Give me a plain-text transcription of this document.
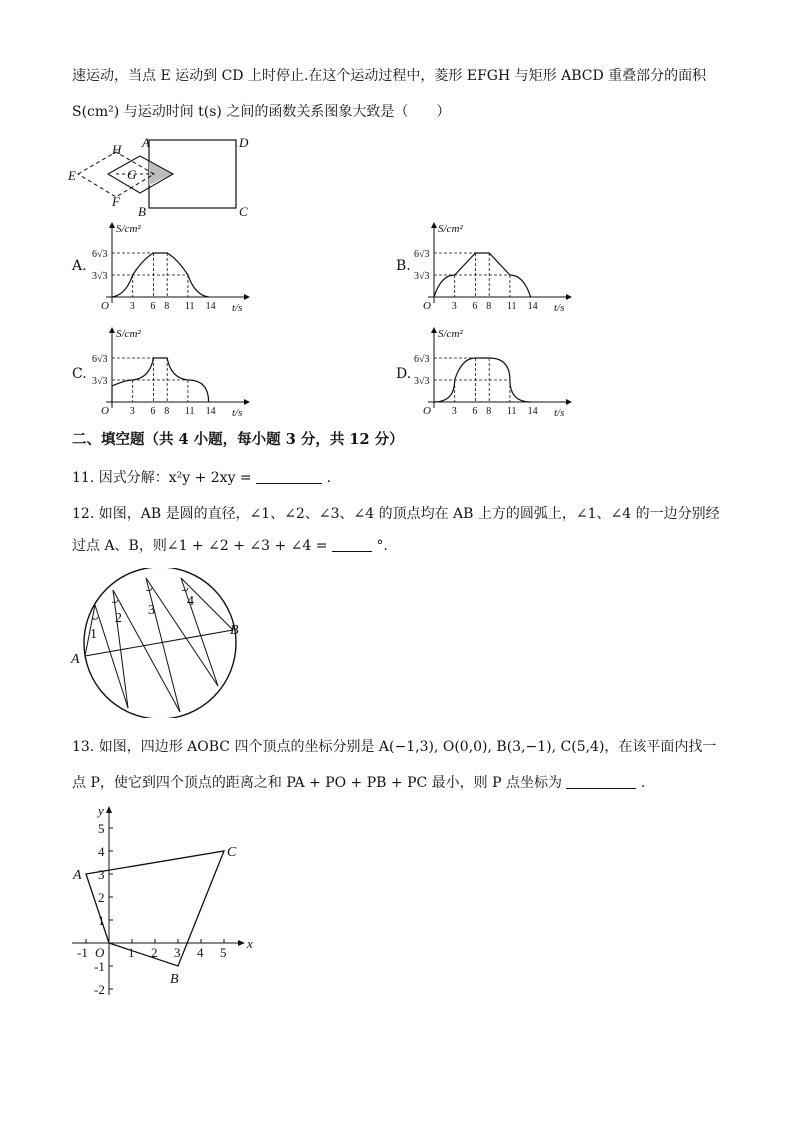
速运动，当点 E 运动到 CD 上时停止.在这个运动过程中，菱形 EFGH 与矩形 ABCD 重叠部分的面积
S(cm²) 与运动时间 t(s) 之间的函数关系图象大致是（　　）
A	D
B	C
E
F
G
H
A.
S/cm²
t/s
O
6√3
3√3
3 6 8 11 14
B.
S/cm²
t/s
O
6√3
3√3
3 6 8 11 14
C.
S/cm²
t/s
O
6√3
3√3
3 6 8 11 14
D.
S/cm²
t/s
O
6√3
3√3
3 6 8 11 14
二、填空题（共 4 小题，每小题 3 分，共 12 分）
11. 因式分解：x²y + 2xy =	.
12. 如图，AB 是圆的直径，∠1、∠2、∠3、∠4 的顶点均在 AB 上方的圆弧上，∠1、∠4 的一边分别经
过点 A、B，则∠1 + ∠2 + ∠3 + ∠4 =	°.
A
B
1
2
3
4
13. 如图，四边形 AOBC 四个顶点的坐标分别是 A(−1,3), O(0,0), B(3,−1), C(5,4)，在该平面内找一
点 P，使它到四个顶点的距离之和 PA + PO + PB + PC 最小，则 P 点坐标为	.
x
y
-1	1 2 3 4 5
5
4
3
2
1
-1
-2
O
A
B
C
